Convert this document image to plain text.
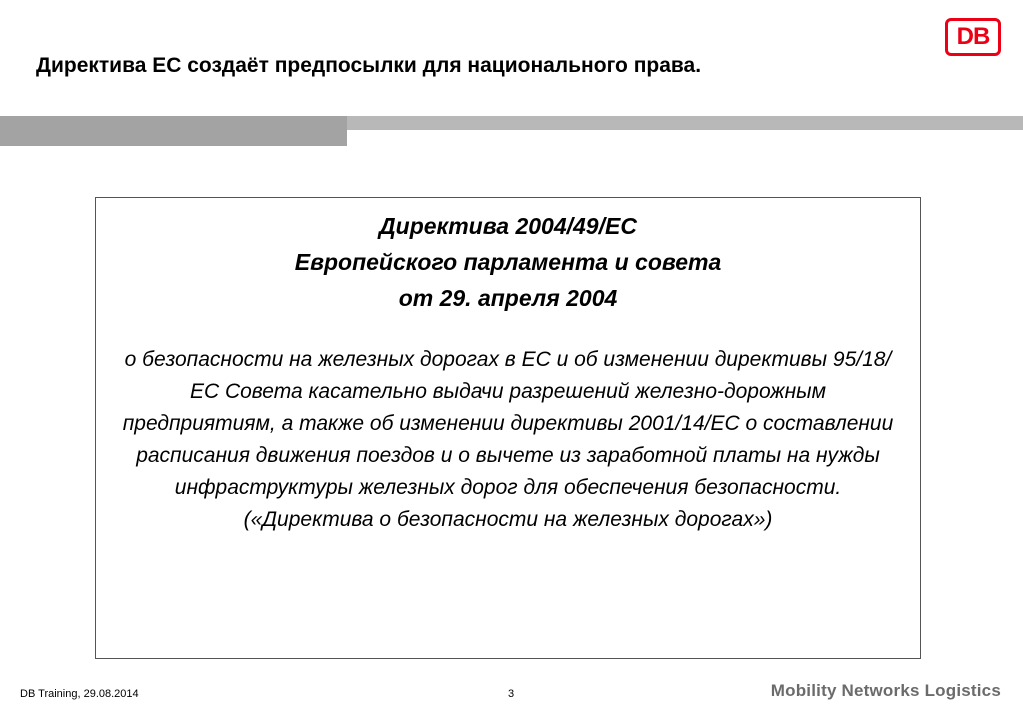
Директива ЕС создаёт предпосылки для национального права.
DB
Директива 2004/49/ЕС
Европейского парламента и совета
от 29. апреля 2004
о безопасности на железных дорогах в ЕС и об изменении директивы 95/18/ЕС Совета касательно выдачи разрешений железно-дорожным предприятиям, а также об изменении директивы 2001/14/ЕС о составлении расписания движения поездов и о вычете из заработной платы на нужды инфраструктуры железных дорог для обеспечения безопасности.
(«Директива о безопасности на железных дорогах»)
DB Training, 29.08.2014	3	Mobility Networks Logistics
